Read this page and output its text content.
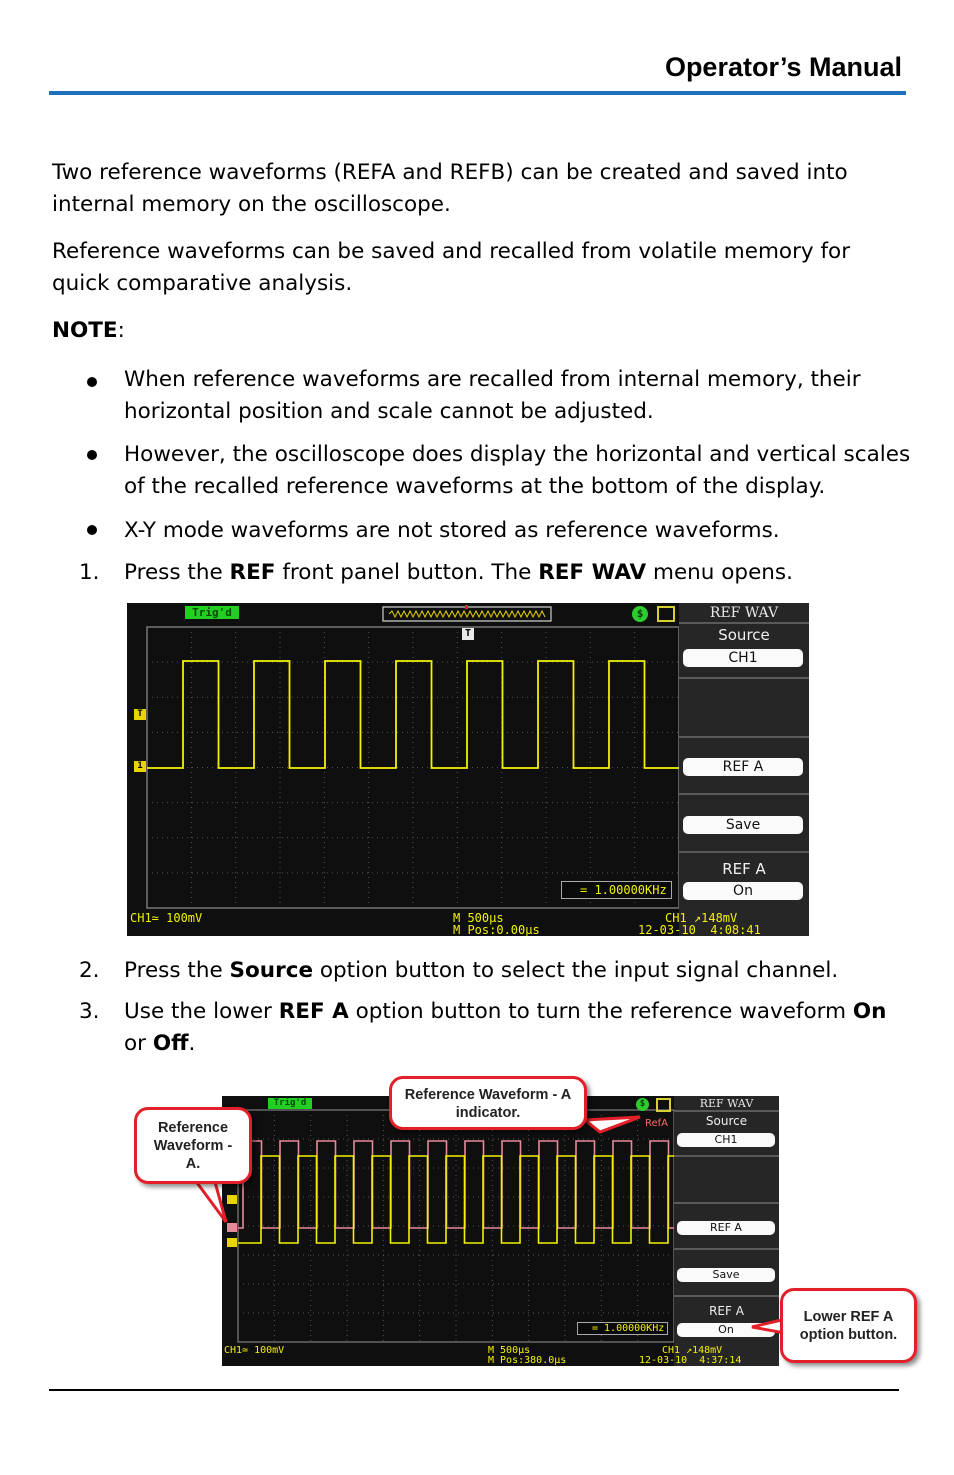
Operator’s Manual
Two reference waveforms (REFA and REFB) can be created and saved into internal memory on the oscilloscope.
Reference waveforms can be saved and recalled from volatile memory for quick comparative analysis.
NOTE:
When reference waveforms are recalled from internal memory, their horizontal position and scale cannot be adjusted.
However, the oscilloscope does display the horizontal and vertical scales of the recalled reference waveforms at the bottom of the display.
X-Y mode waveforms are not stored as reference waveforms.
1. Press the REF front panel button. The REF WAV menu opens.
Trig'd
T
T
1
$	REF WAV
Source
CH1
REF A
Save
REF A
On
= 1.00000KHz
CH1≃ 100mV	M 500μs
M Pos:0.00μs
CH1 ↗148mV
12-03-10  4:08:41
2. Press the Source option button to select the input signal channel.
3. Use the lower REF A option button to turn the reference waveform On or Off.
Trig'd
RefA
$	REF WAV
Source
CH1
REF A
Save
REF A
On
= 1.00000KHz
CH1≃ 100mV	M 500μs
M Pos:380.0μs
CH1 ↗148mV
12-03-10  4:37:14
Reference Waveform - A indicator.
Reference Waveform - A.
Lower REF A option button.
